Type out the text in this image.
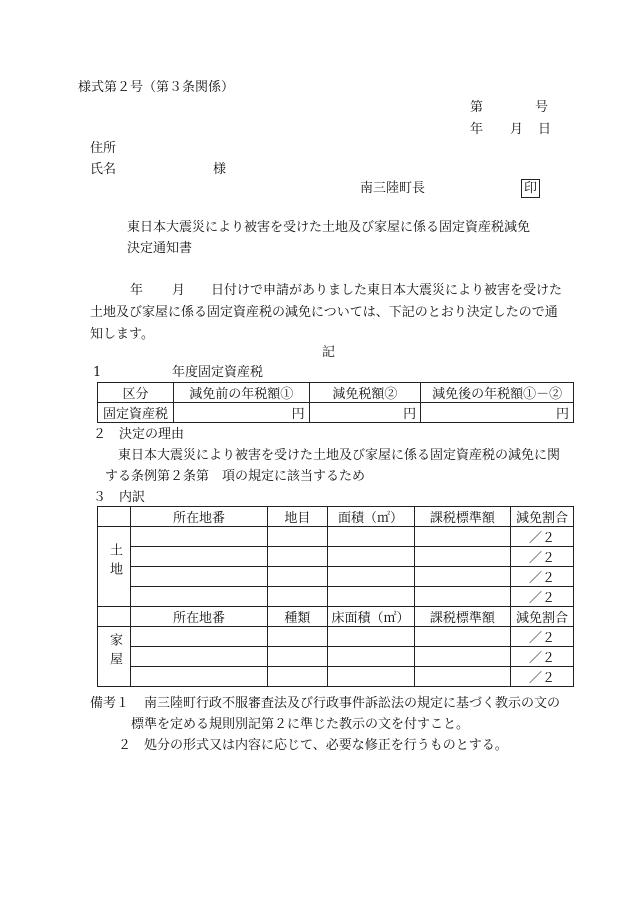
様式第２号（第３条関係）
第	号
年 月 日
住所
氏名	様
南三陸町長	印
東日本大震災により被害を受けた土地及び家屋に係る固定資産税減免
決定通知書
年 月 日付けで申請がありました東日本大震災により被害を受けた
土地及び家屋に係る固定資産税の減免については、下記のとおり決定したので通
知します。
記
1	年度固定資産税
区分	減免前の年税額①	減免税額②	減免後の年税額①－②
固定資産税	円	円	円
２　決定の理由
東日本大震災により被害を受けた土地及び家屋に係る固定資産税の減免に関
する条例第２条第　項の規定に該当するため
３　内訳
	所在地番	地目	面積（㎡）	課税標準額	減免割合
土地					／２
					／２
					／２
					／２
	所在地番	種類	床面積（㎡）	課税標準額	減免割合
家屋					／２
					／２
					／２
備考１ 南三陸町行政不服審査法及び行政事件訴訟法の規定に基づく教示の文の
標準を定める規則別記第２に準じた教示の文を付すこと。
２　処分の形式又は内容に応じて、必要な修正を行うものとする。
